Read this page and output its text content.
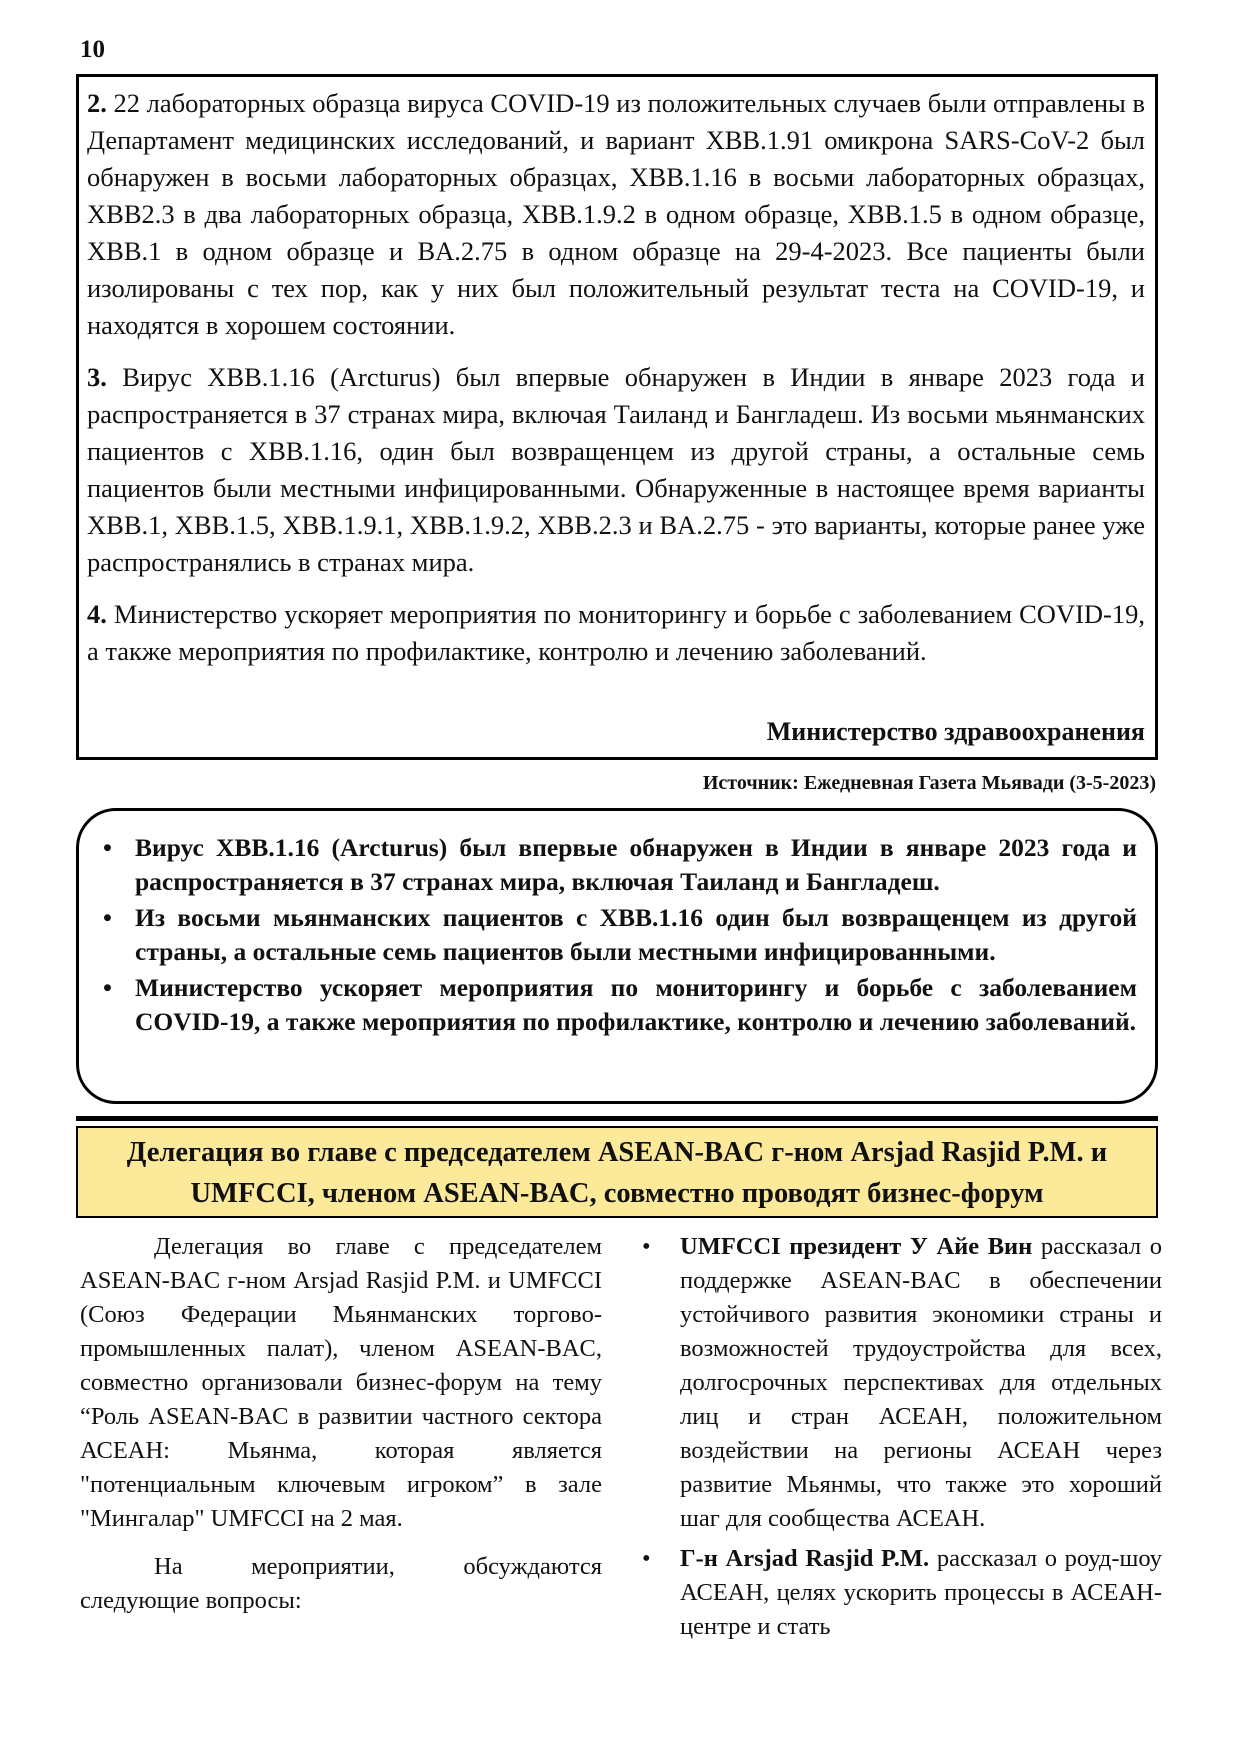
10

2. 22 лабораторных образца вируса COVID-19 из положительных случаев были отправлены в Департамент медицинских исследований, и вариант XBB.1.91 омикрона SARS-CoV-2 был обнаружен в восьми лабораторных образцах, XBB.1.16 в восьми лабораторных образцах, XBB2.3 в два лабораторных образца, XBB.1.9.2 в одном образце, XBB.1.5 в одном образце, XBB.1 в одном образце и BA.2.75 в одном образце на 29-4-2023. Все пациенты были изолированы с тех пор, как у них был положительный результат теста на COVID-19, и находятся в хорошем состоянии.

3. Вирус XBB.1.16 (Arcturus) был впервые обнаружен в Индии в январе 2023 года и распространяется в 37 странах мира, включая Таиланд и Бангладеш. Из восьми мьянманских пациентов с XBB.1.16, один был возвращенцем из другой страны, а остальные семь пациентов были местными инфицированными. Обнаруженные в настоящее время варианты XBB.1, XBB.1.5, XBB.1.9.1, XBB.1.9.2, XBB.2.3 и BA.2.75 - это варианты, которые ранее уже распространялись в странах мира.

4. Министерство ускоряет мероприятия по мониторингу и борьбе с заболеванием COVID-19, а также мероприятия по профилактике, контролю и лечению заболеваний.

Министерство здравоохранения
Источник: Ежедневная Газета Мьявади (3-5-2023)
• Вирус XBB.1.16 (Arcturus) был впервые обнаружен в Индии в январе 2023 года и распространяется в 37 странах мира, включая Таиланд и Бангладеш.
• Из восьми мьянманских пациентов с XBB.1.16 один был возвращенцем из другой страны, а остальные семь пациентов были местными инфицированными.
• Министерство ускоряет мероприятия по мониторингу и борьбе с заболеванием COVID-19, а также мероприятия по профилактике, контролю и лечению заболеваний.
Делегация во главе с председателем ASEAN-BAC г-ном Arsjad Rasjid P.M. и
UMFCCI, членом ASEAN-BAC, совместно проводят бизнес-форум

Делегация во главе с председателем ASEAN-BAC г-ном Arsjad Rasjid P.M. и UMFCCI (Союз Федерации Мьянманских торгово-промышленных палат), членом ASEAN-BAC, совместно организовали бизнес-форум на тему “Роль ASEAN-BAC в развитии частного сектора АСЕАН: Мьянма, которая является "потенциальным ключевым игроком” в зале "Мингалар" UMFCCI на 2 мая.

На мероприятии, обсуждаются следующие вопросы:

• UMFCCI президент У Айе Вин рассказал о поддержке ASEAN-BAC в обеспечении устойчивого развития экономики страны и возможностей трудоустройства для всех, долгосрочных перспективах для отдельных лиц и стран АСЕАН, положительном воздействии на регионы АСЕАН через развитие Мьянмы, что также это хороший шаг для сообщества АСЕАН.
• Г-н Arsjad Rasjid P.M. рассказал о роуд-шоу АСЕАН, целях ускорить процессы в АСЕАН-центре и стать
